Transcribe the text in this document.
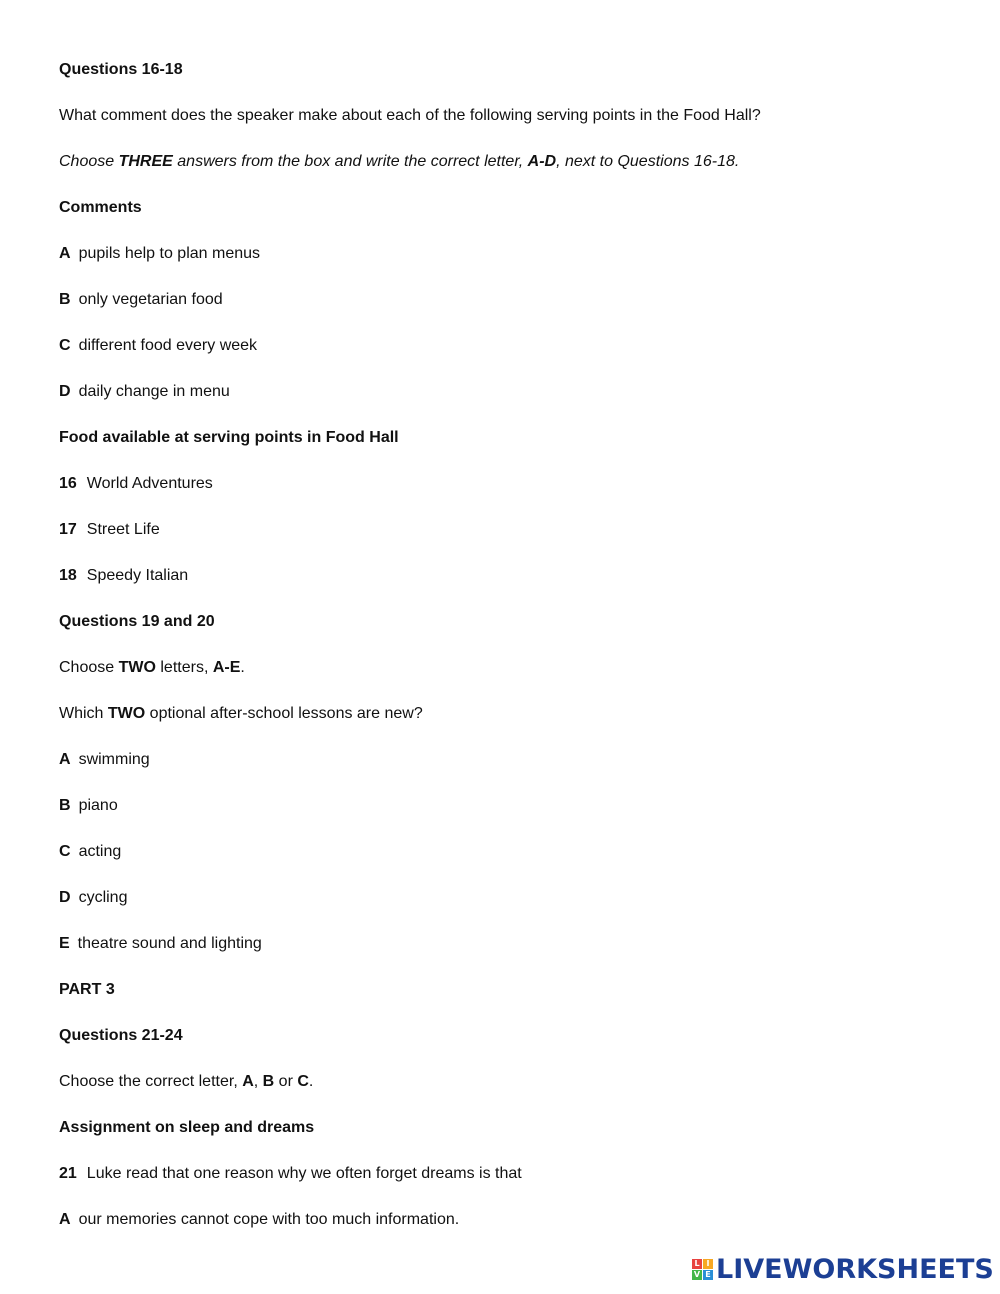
Questions 16-18
What comment does the speaker make about each of the following serving points in the Food Hall?
Choose THREE answers from the box and write the correct letter, A-D, next to Questions 16-18.
Comments
A pupils help to plan menus
B only vegetarian food
C different food every week
D daily change in menu
Food available at serving points in Food Hall
16 World Adventures
17 Street Life
18 Speedy Italian
Questions 19 and 20
Choose TWO letters, A-E.
Which TWO optional after-school lessons are new?
A swimming
B piano
C acting
D cycling
E theatre sound and lighting
PART 3
Questions 21-24
Choose the correct letter, A, B or C.
Assignment on sleep and dreams
21 Luke read that one reason why we often forget dreams is that
A our memories cannot cope with too much information.
L I
V E LIVEWORKSHEETS
